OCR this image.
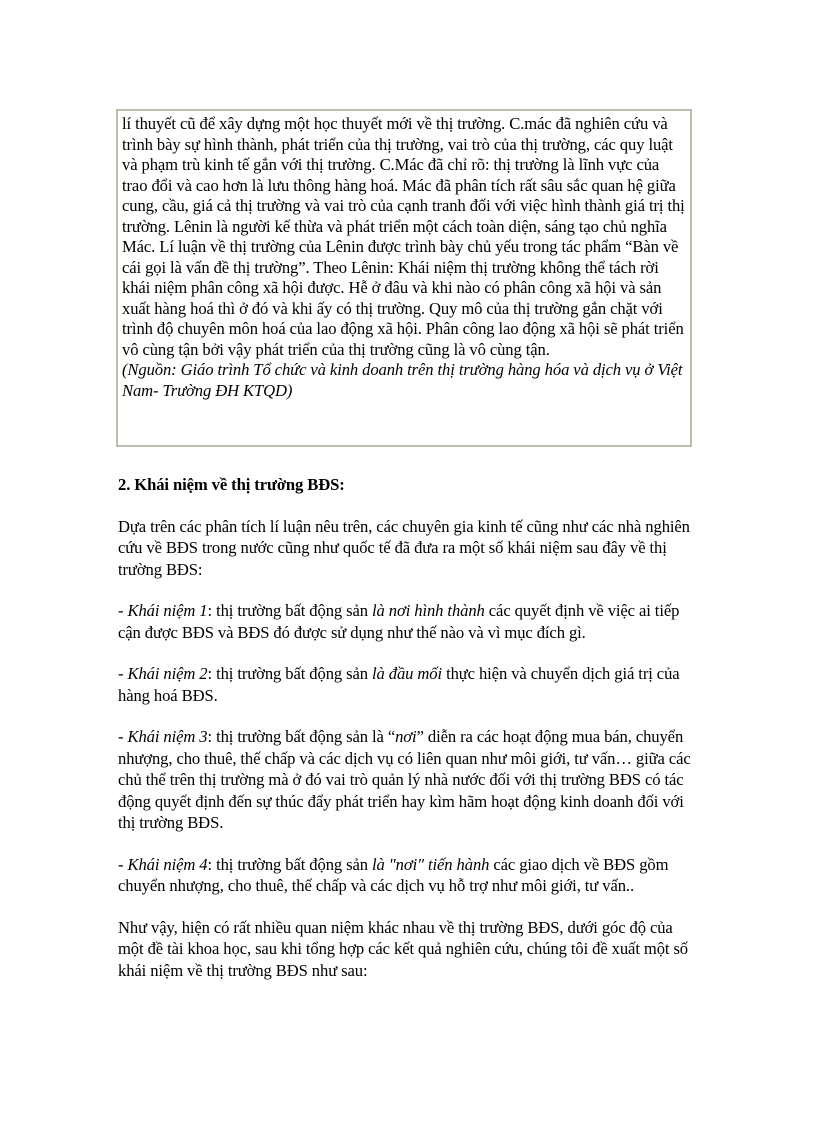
lí thuyết cũ để xây dựng một học thuyết mới về thị trường. C.mác đã nghiên cứu và trình bày sự hình thành, phát triển của thị trường, vai trò của thị trường, các quy luật và phạm trù kinh tế gắn với thị trường. C.Mác đã chỉ rõ: thị trường là lĩnh vực của trao đổi và cao hơn là lưu thông hàng hoá. Mác đã phân tích rất sâu sắc quan hệ giữa cung, cầu, giá cả thị trường và vai trò của cạnh tranh đối với việc hình thành giá trị thị trường. Lênin là người kế thừa và phát triển một cách toàn diện, sáng tạo chủ nghĩa Mác. Lí luận về thị trường của Lênin được trình bày chủ yếu trong tác phẩm “Bàn về cái gọi là vấn đề thị trường”. Theo Lênin: Khái niệm thị trường không thể tách rời khái niệm phân công xã hội được. Hễ ở đâu và khi nào có phân công xã hội và sản xuất hàng hoá thì ở đó và khi ấy có thị trường. Quy mô của thị trường gắn chặt với trình độ chuyên môn hoá của lao động xã hội. Phân công lao động xã hội sẽ phát triển vô cùng tận bởi vậy phát triển của thị trường cũng là vô cùng tận.

(Nguồn: Giáo trình Tổ chức và kinh doanh trên thị trường hàng hóa và dịch vụ ở Việt Nam- Trường ĐH KTQD)

2. Khái niệm về thị trường BĐS:

Dựa trên các phân tích lí luận nêu trên, các chuyên gia kinh tế cũng như các nhà nghiên cứu về BĐS trong nước cũng như quốc tế đã đưa ra một số khái niệm sau đây về thị trường BĐS:

- Khái niệm 1: thị trường bất động sản là nơi hình thành các quyết định về việc ai tiếp cận được BĐS và BĐS đó được sử dụng như thế nào và vì mục đích gì.

- Khái niệm 2: thị trường bất động sản là đầu mối thực hiện và chuyển dịch giá trị của hàng hoá BĐS.

- Khái niệm 3: thị trường bất động sản là “nơi” diễn ra các hoạt động mua bán, chuyển nhượng, cho thuê, thế chấp và các dịch vụ có liên quan như môi giới, tư vấn… giữa các chủ thể trên thị trường mà ở đó vai trò quản lý nhà nước đối với thị trường BĐS có tác động quyết định đến sự thúc đẩy phát triển hay kìm hãm hoạt động kinh doanh đối với thị trường BĐS.

- Khái niệm 4: thị trường bất động sản là "nơi" tiến hành các giao dịch về BĐS gồm chuyển nhượng, cho thuê, thế chấp và các dịch vụ hỗ trợ như môi giới, tư vấn..

Như vậy, hiện có rất nhiều quan niệm khác nhau về thị trường BĐS, dưới góc độ của một đề tài khoa học, sau khi tổng hợp các kết quả nghiên cứu, chúng tôi đề xuất một số khái niệm về thị trường BĐS như sau:
